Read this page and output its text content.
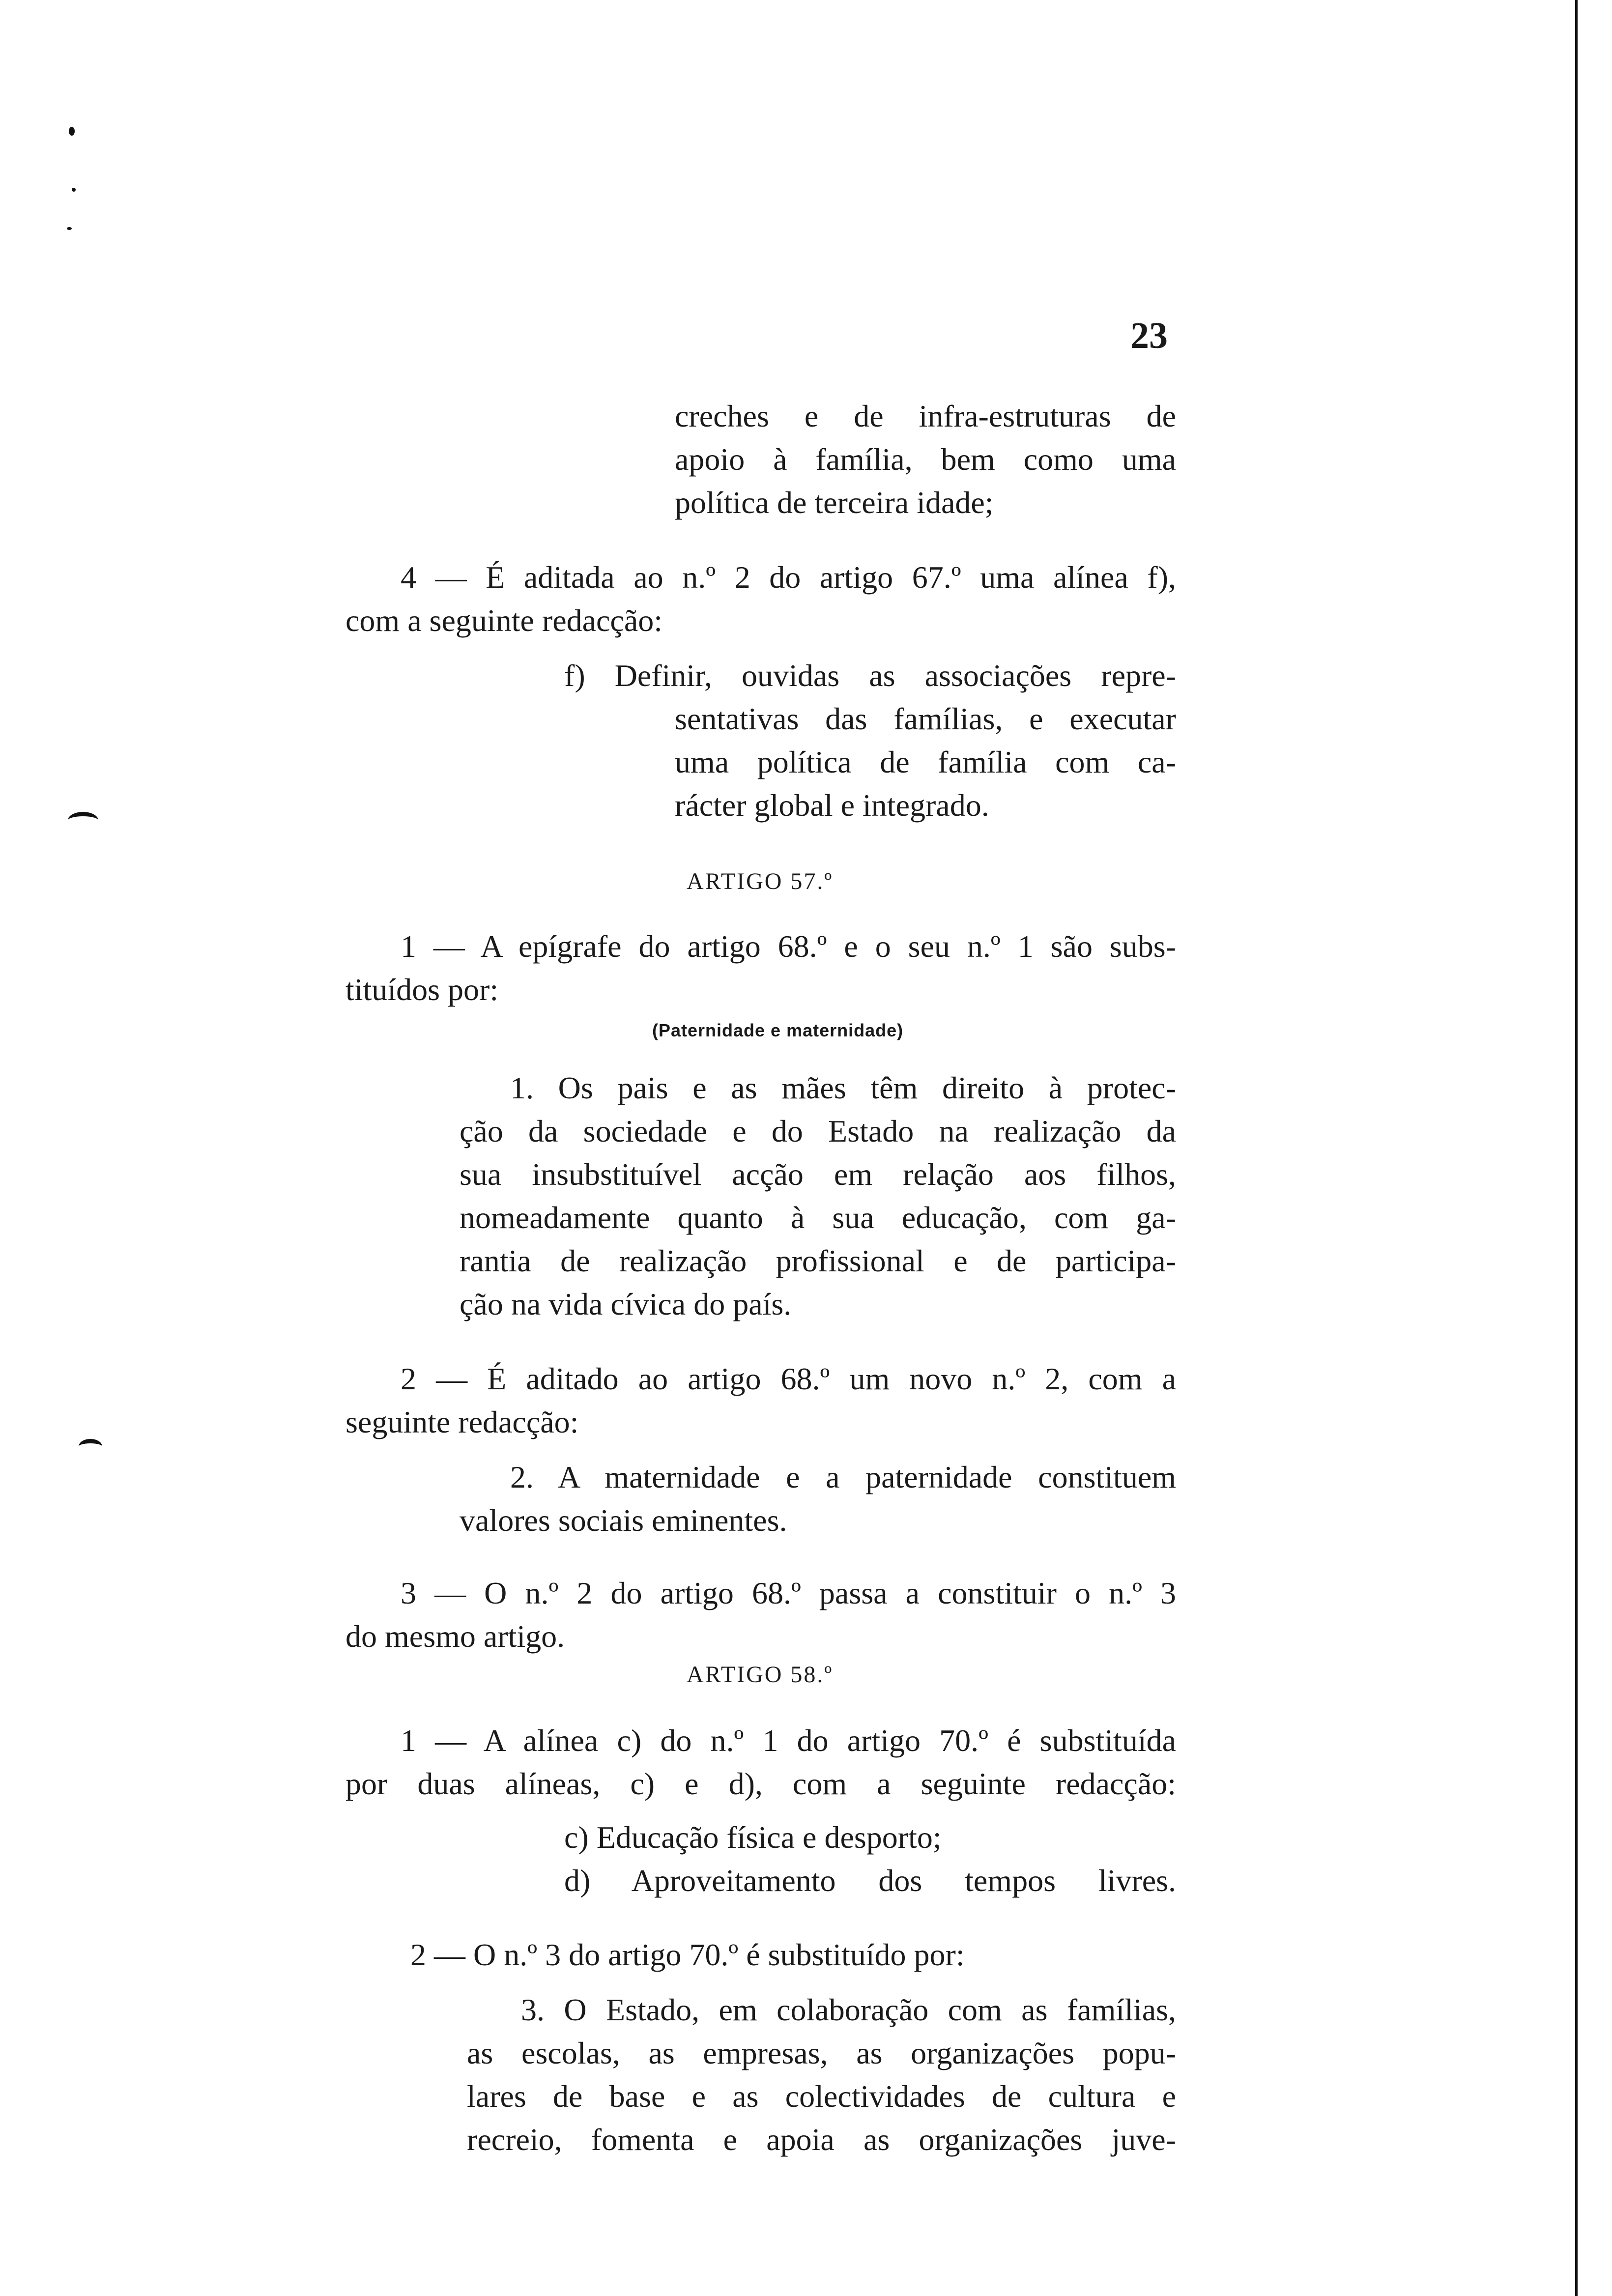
23
creches e de infra-estruturas de
apoio à família, bem como uma
política de terceira idade;
4 — É aditada ao n.º 2 do artigo 67.º uma alínea f),
com a seguinte redacção:
f) Definir, ouvidas as associações repre-
sentativas das famílias, e executar
uma política de família com ca-
rácter global e integrado.
ARTIGO 57.º
1 — A epígrafe do artigo 68.º e o seu n.º 1 são subs-
tituídos por:
(Paternidade e maternidade)
1. Os pais e as mães têm direito à protec-
ção da sociedade e do Estado na realização da
sua insubstituível acção em relação aos filhos,
nomeadamente quanto à sua educação, com ga-
rantia de realização profissional e de participa-
ção na vida cívica do país.
2 — É aditado ao artigo 68.º um novo n.º 2, com a
seguinte redacção:
2. A maternidade e a paternidade constituem
valores sociais eminentes.
3 — O n.º 2 do artigo 68.º passa a constituir o n.º 3
do mesmo artigo.
ARTIGO 58.º
1 — A alínea c) do n.º 1 do artigo 70.º é substituída
por duas alíneas, c) e d), com a seguinte redacção:
c) Educação física e desporto;
d) Aproveitamento dos tempos livres.
2 — O n.º 3 do artigo 70.º é substituído por:
3. O Estado, em colaboração com as famílias,
as escolas, as empresas, as organizações popu-
lares de base e as colectividades de cultura e
recreio, fomenta e apoia as organizações juve-
